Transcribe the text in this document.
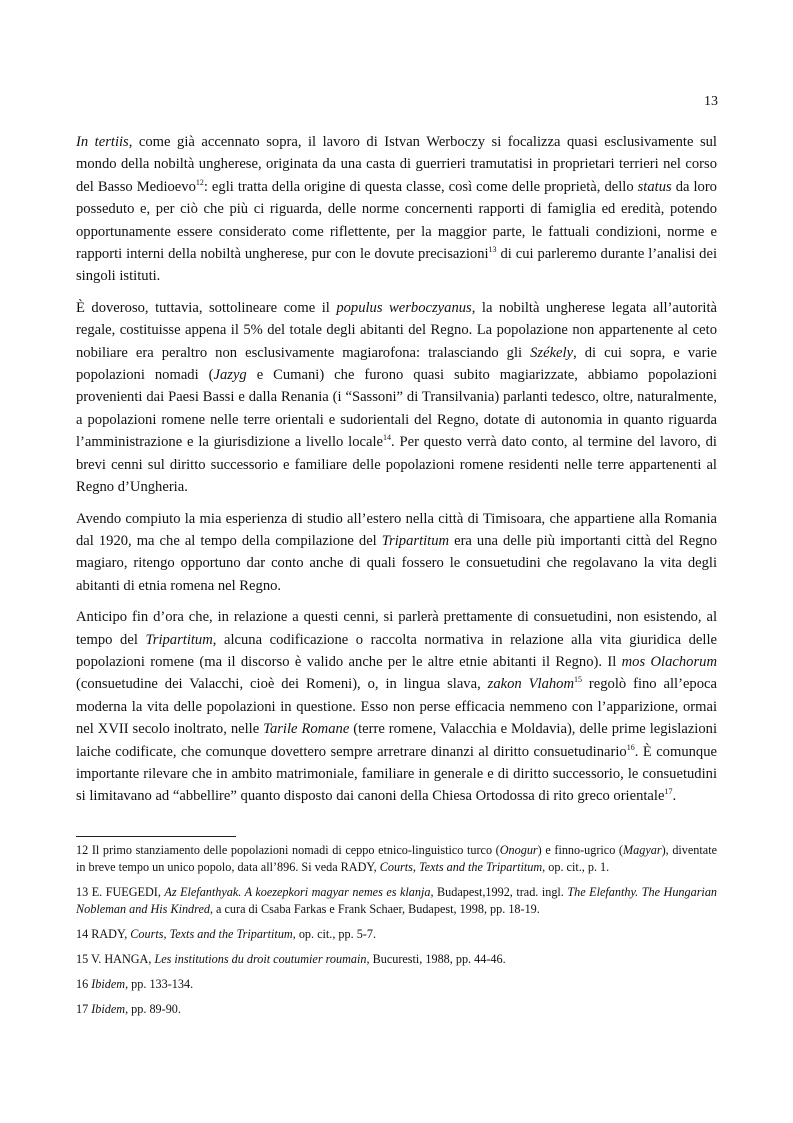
13

In tertiis, come già accennato sopra, il lavoro di Istvan Werboczy si focalizza quasi esclusivamente sul mondo della nobiltà ungherese, originata da una casta di guerrieri tramutatisi in proprietari terrieri nel corso del Basso Medioevo$^{12}$: egli tratta della origine di questa classe, così come delle proprietà, dello status da loro posseduto e, per ciò che più ci riguarda, delle norme concernenti rapporti di famiglia ed eredità, potendo opportunamente essere considerato come riflettente, per la maggior parte, le fattuali condizioni, norme e rapporti interni della nobiltà ungherese, pur con le dovute precisazioni$^{13}$ di cui parleremo durante l’analisi dei singoli istituti.

È doveroso, tuttavia, sottolineare come il populus werboczyanus, la nobiltà ungherese legata all’autorità regale, costituisse appena il 5% del totale degli abitanti del Regno. La popolazione non appartenente al ceto nobiliare era peraltro non esclusivamente magiarofona: tralasciando gli Székely, di cui sopra, e varie popolazioni nomadi (Jazyg e Cumani) che furono quasi subito magiarizzate, abbiamo popolazioni provenienti dai Paesi Bassi e dalla Renania (i “Sassoni” di Transilvania) parlanti tedesco, oltre, naturalmente, a popolazioni romene nelle terre orientali e sudorientali del Regno, dotate di autonomia in quanto riguarda l’amministrazione e la giurisdizione a livello locale$^{14}$. Per questo verrà dato conto, al termine del lavoro, di brevi cenni sul diritto successorio e familiare delle popolazioni romene residenti nelle terre appartenenti al Regno d’Ungheria.

Avendo compiuto la mia esperienza di studio all’estero nella città di Timisoara, che appartiene alla Romania dal 1920, ma che al tempo della compilazione del Tripartitum era una delle più importanti città del Regno magiaro, ritengo opportuno dar conto anche di quali fossero le consuetudini che regolavano la vita degli abitanti di etnia romena nel Regno.

Anticipo fin d’ora che, in relazione a questi cenni, si parlerà prettamente di consuetudini, non esistendo, al tempo del Tripartitum, alcuna codificazione o raccolta normativa in relazione alla vita giuridica delle popolazioni romene (ma il discorso è valido anche per le altre etnie abitanti il Regno). Il mos Olachorum (consuetudine dei Valacchi, cioè dei Romeni), o, in lingua slava, zakon Vlahom$^{15}$ regolò fino all’epoca moderna la vita delle popolazioni in questione. Esso non perse efficacia nemmeno con l’apparizione, ormai nel XVII secolo inoltrato, nelle Tarile Romane (terre romene, Valacchia e Moldavia), delle prime legislazioni laiche codificate, che comunque dovettero sempre arretrare dinanzi al diritto consuetudinario$^{16}$. È comunque importante rilevare che in ambito matrimoniale, familiare in generale e di diritto successorio, le consuetudini si limitavano ad “abbellire” quanto disposto dai canoni della Chiesa Ortodossa di rito greco orientale$^{17}$.

12 Il primo stanziamento delle popolazioni nomadi di ceppo etnico-linguistico turco (Onogur) e finno-ugrico (Magyar), diventate in breve tempo un unico popolo, data all’896. Si veda RADY, Courts, Texts and the Tripartitum, op. cit., p. 1.
13 E. FUEGEDI, Az Elefanthyak. A koezepkori magyar nemes es klanja, Budapest,1992, trad. ingl. The Elefanthy. The Hungarian Nobleman and His Kindred, a cura di Csaba Farkas e Frank Schaer, Budapest, 1998, pp. 18-19.
14 RADY, Courts, Texts and the Tripartitum, op. cit., pp. 5-7.
15 V. HANGA, Les institutions du droit coutumier roumain, Bucuresti, 1988, pp. 44-46.
16 Ibidem, pp. 133-134.
17 Ibidem, pp. 89-90.
